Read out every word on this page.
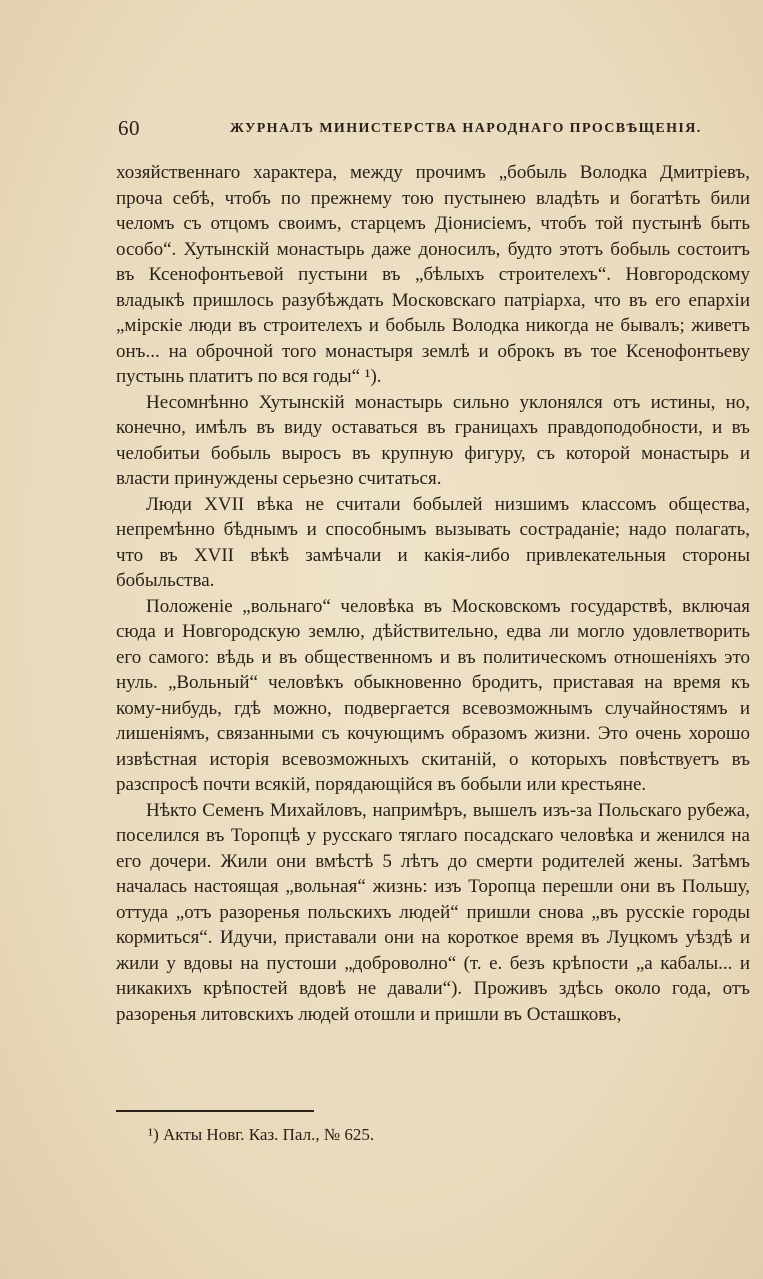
60	ЖУРНАЛЪ МИНИСТЕРСТВА НАРОДНАГО ПРОСВѢЩЕНІЯ.

хозяйственнаго характера, между прочимъ „бобыль Володка Дмитріевъ, проча себѣ, чтобъ по прежнему тою пустынею владѣть и богатѣть били челомъ съ отцомъ своимъ, старцемъ Діонисіемъ, чтобъ той пустынѣ быть особо“. Хутынскій монастырь даже доносилъ, будто этотъ бобыль состоитъ въ Ксенофонтьевой пустыни въ „бѣлыхъ строителехъ“. Новгородскому владыкѣ пришлось разубѣждать Московскаго патріарха, что въ его епархіи „мірскіе люди въ строителехъ и бобыль Володка никогда не бывалъ; живетъ онъ... на оброчной того монастыря землѣ и оброкъ въ тое Ксенофонтьеву пустынь платитъ по вся годы“ ¹).

Несомнѣнно Хутынскій монастырь сильно уклонялся отъ истины, но, конечно, имѣлъ въ виду оставаться въ границахъ правдоподобности, и въ челобитьи бобыль выросъ въ крупную фигуру, съ которой монастырь и власти принуждены серьезно считаться.

Люди XVII вѣка не считали бобылей низшимъ классомъ общества, непремѣнно бѣднымъ и способнымъ вызывать состраданіе; надо полагать, что въ XVII вѣкѣ замѣчали и какія-либо привлекательныя стороны бобыльства.

Положеніе „вольнаго“ человѣка въ Московскомъ государствѣ, включая сюда и Новгородскую землю, дѣйствительно, едва ли могло удовлетворить его самого: вѣдь и въ общественномъ и въ политическомъ отношеніяхъ это нуль. „Вольный“ человѣкъ обыкновенно бродитъ, приставая на время къ кому-нибудь, гдѣ можно, подвергается всевозможнымъ случайностямъ и лишеніямъ, связанными съ кочующимъ образомъ жизни. Это очень хорошо извѣстная исторія всевозможныхъ скитаній, о которыхъ повѣствуетъ въ разспросѣ почти всякій, порядающійся въ бобыли или крестьяне.

Нѣкто Семенъ Михайловъ, напримѣръ, вышелъ изъ-за Польскаго рубежа, поселился въ Торопцѣ у русскаго тяглаго посадскаго человѣка и женился на его дочери. Жили они вмѣстѣ 5 лѣтъ до смерти родителей жены. Затѣмъ началась настоящая „вольная“ жизнь: изъ Торопца перешли они въ Польшу, оттуда „отъ разоренья польскихъ людей“ пришли снова „въ русскіе городы кормиться“. Идучи, приставали они на короткое время въ Луцкомъ уѣздѣ и жили у вдовы на пустоши „доброволно“ (т. е. безъ крѣпости „а кабалы... и никакихъ крѣпостей вдовѣ не давали“). Проживъ здѣсь около года, отъ разоренья литовскихъ людей отошли и пришли въ Осташковъ,

¹) Акты Новг. Каз. Пал., № 625.
